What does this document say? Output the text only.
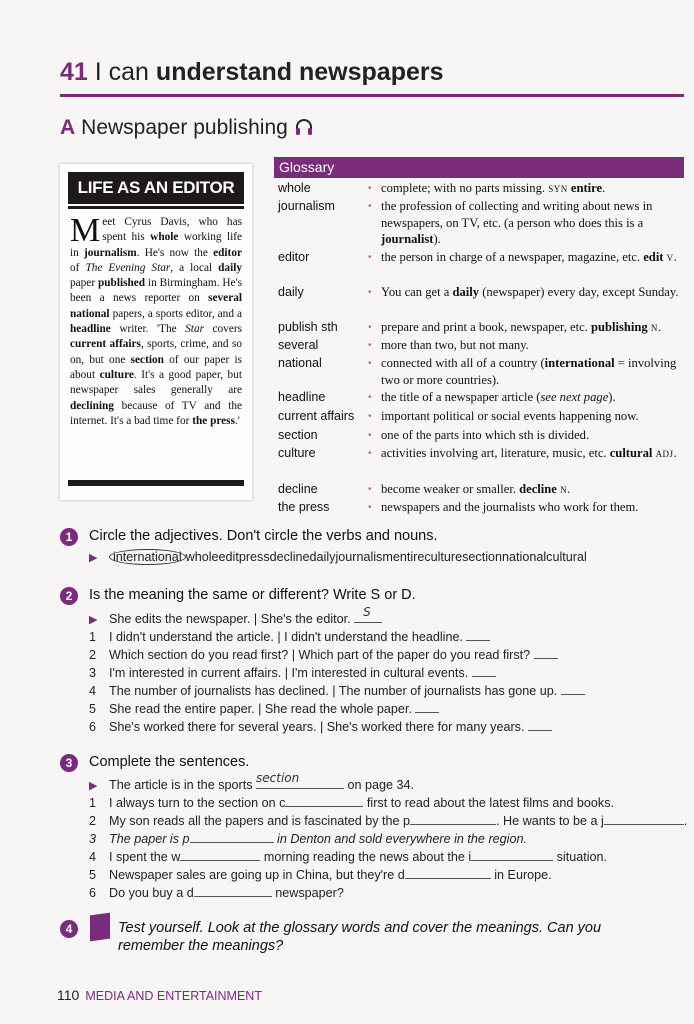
41 I can understand newspapers
A Newspaper publishing
LIFE AS AN EDITOR
Meet Cyrus Davis, who has spent his whole working life in journalism. He's now the editor of The Evening Star, a local daily paper published in Birmingham. He's been a news reporter on several national papers, a sports editor, and a headline writer. 'The Star covers current affairs, sports, crime, and so on, but one section of our paper is about culture. It's a good paper, but newspaper sales generally are declining because of TV and the internet. It's a bad time for the press.'
Glossary
whole	• complete; with no parts missing. SYN entire.
journalism	• the profession of collecting and writing about news in newspapers, on TV, etc. (a person who does this is a journalist).
editor	• the person in charge of a newspaper, magazine, etc. edit V.
daily	• You can get a daily (newspaper) every day, except Sunday.
publish sth	• prepare and print a book, newspaper, etc. publishing N.
several	• more than two, but not many.
national	• connected with all of a country (international = involving two or more countries).
headline	• the title of a newspaper article (see next page).
current affairs • important political or social events happening now.
section	• one of the parts into which sth is divided.
culture	• activities involving art, literature, music, etc. cultural ADJ.
decline	• become weaker or smaller. decline N.
the press	• newspapers and the journalists who work for them.
1	Circle the adjectives. Don't circle the verbs and nouns.
▶ international wholeeditpressdeclinedailyjournalismentireculturesectionnationalcultural
2	Is the meaning the same or different? Write S or D.
▶ She edits the newspaper. | She's the editor. S
1 I didn't understand the article. | I didn't understand the headline.
2 Which section do you read first? | Which part of the paper do you read first?
3 I'm interested in current affairs. | I'm interested in cultural events.
4 The number of journalists has declined. | The number of journalists has gone up.
5 She read the entire paper. | She read the whole paper.
6 She's worked there for several years. | She's worked there for many years.
3	Complete the sentences.
▶ The article is in the sports section	on page 34.
1 I always turn to the section on c	first to read about the latest films and books.
2 My son reads all the papers and is fascinated by the p	. He wants to be a j	.
3 The paper is p	in Denton and sold everywhere in the region.
4 I spent the w	morning reading the news about the i	situation.
5 Newspaper sales are going up in China, but they're d	in Europe.
6 Do you buy a d	newspaper?
4	Test yourself. Look at the glossary words and cover the meanings. Can you
remember the meanings?
110 MEDIA AND ENTERTAINMENT
